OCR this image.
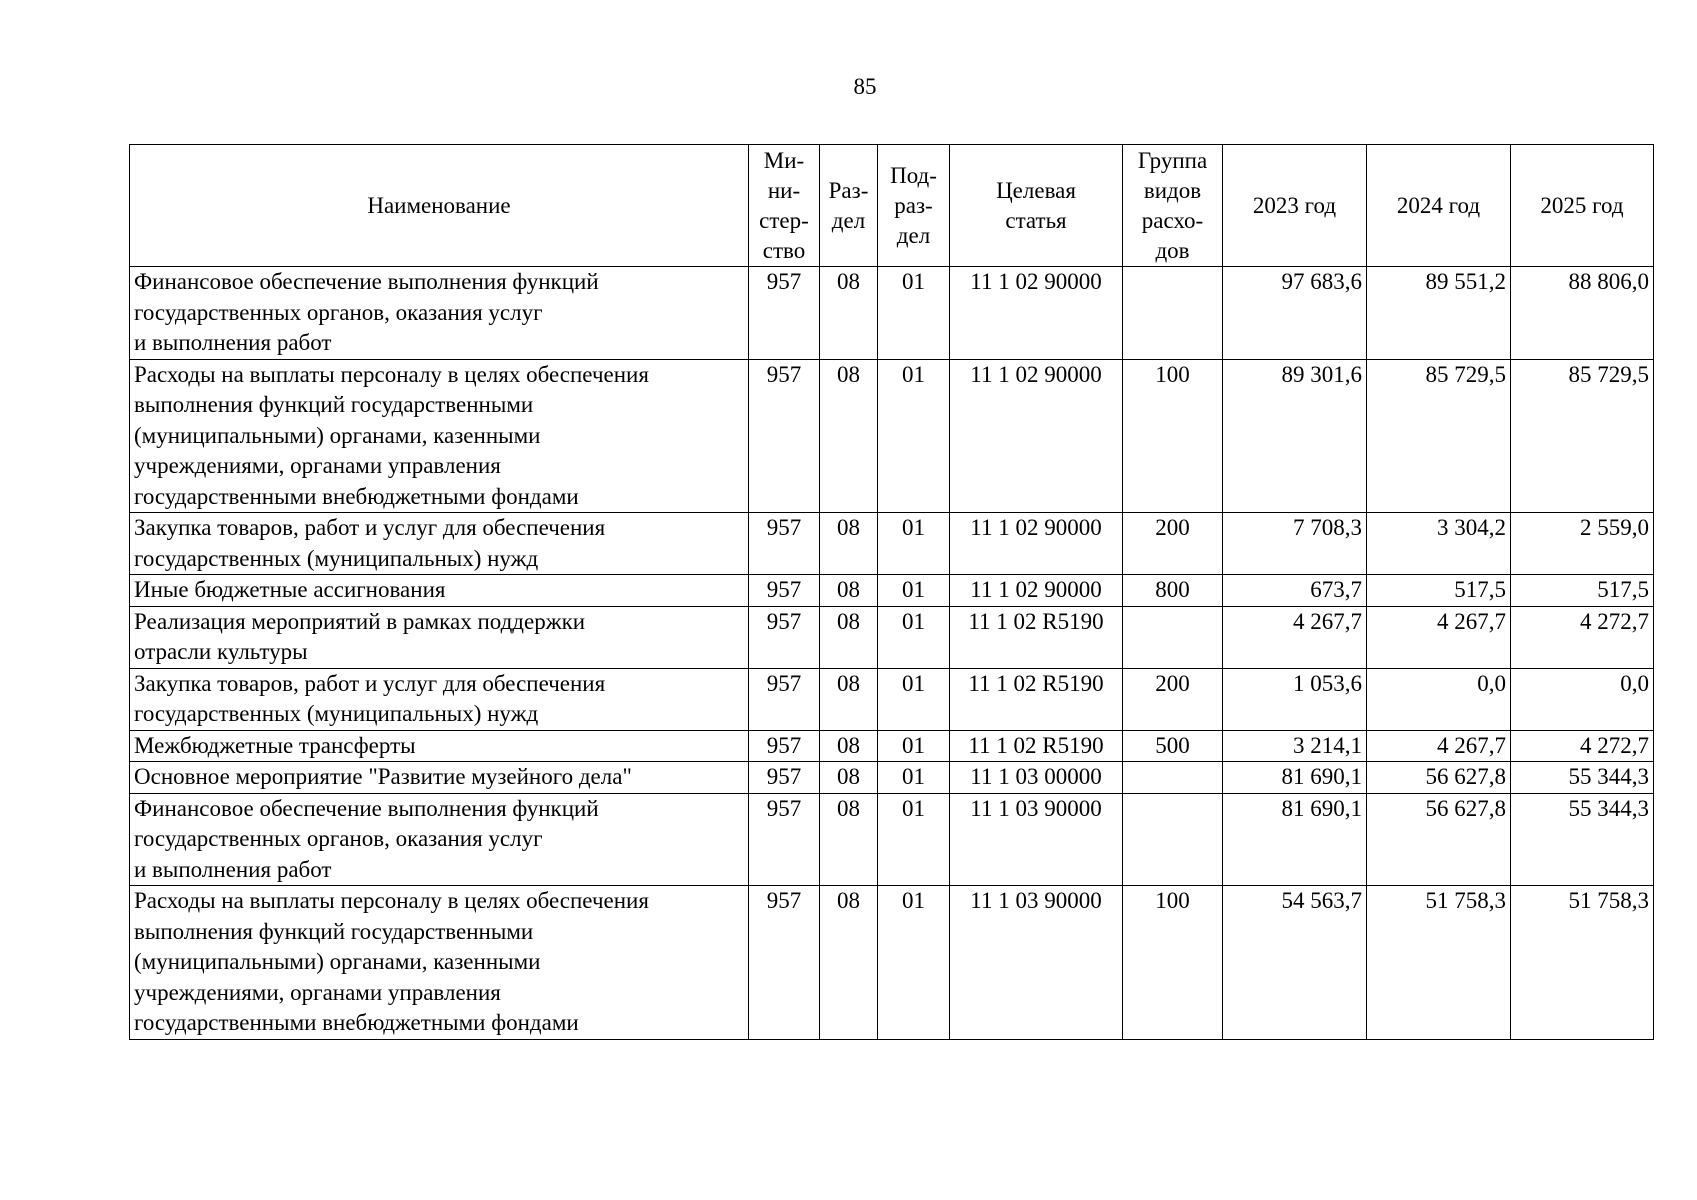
85
Наименование	Ми-
ни-
стер-
ство	Раз-
дел	Под-
раз-
дел	Целевая
статья	Группа
видов
расхо-
дов	2023 год	2024 год	2025 год
Финансовое обеспечение выполнения функций
государственных органов, оказания услуг
и выполнения работ	957	08	01	11 1 02 90000		97 683,6	89 551,2	88 806,0
Расходы на выплаты персоналу в целях обеспечения
выполнения функций государственными
(муниципальными) органами, казенными
учреждениями, органами управления
государственными внебюджетными фондами	957	08	01	11 1 02 90000	100	89 301,6	85 729,5	85 729,5
Закупка товаров, работ и услуг для обеспечения
государственных (муниципальных) нужд	957	08	01	11 1 02 90000	200	7 708,3	3 304,2	2 559,0
Иные бюджетные ассигнования	957	08	01	11 1 02 90000	800	673,7	517,5	517,5
Реализация мероприятий в рамках поддержки
отрасли культуры	957	08	01	11 1 02 R5190		4 267,7	4 267,7	4 272,7
Закупка товаров, работ и услуг для обеспечения
государственных (муниципальных) нужд	957	08	01	11 1 02 R5190	200	1 053,6	0,0	0,0
Межбюджетные трансферты	957	08	01	11 1 02 R5190	500	3 214,1	4 267,7	4 272,7
Основное мероприятие "Развитие музейного дела"	957	08	01	11 1 03 00000		81 690,1	56 627,8	55 344,3
Финансовое обеспечение выполнения функций
государственных органов, оказания услуг
и выполнения работ	957	08	01	11 1 03 90000		81 690,1	56 627,8	55 344,3
Расходы на выплаты персоналу в целях обеспечения
выполнения функций государственными
(муниципальными) органами, казенными
учреждениями, органами управления
государственными внебюджетными фондами	957	08	01	11 1 03 90000	100	54 563,7	51 758,3	51 758,3
